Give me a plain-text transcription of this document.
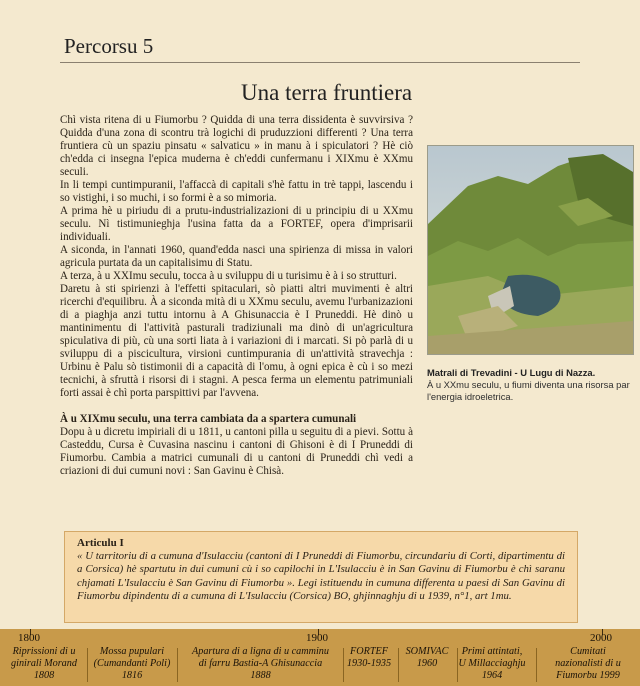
Percorsu 5
Una terra fruntiera

Chì vista ritena di u Fiumorbu ? Quidda di una terra dissidenta è suvvirsiva ? Quidda d'una zona di scontru trà logichi di pruduzzioni differenti ? Una terra fruntiera cù un spaziu pinsatu « salvaticu » in manu à i spiculatori ? Hè ciò ch'edda ci insegna l'epica muderna è ch'eddi cunfermanu i XIXmu è XXmu seculi.

In li tempi cuntimpuranii, l'affaccà di capitali s'hè fattu in trè tappi, lascendu i so vistighi, i so muchi, i so formi è a so mimoria.

A prima hè u piriudu di a prutu-industrializazioni di u principiu di u XXmu seculu. Nì tistimunieghja l'usina fatta da a FORTEF, opera d'imprisarii individuali.

A siconda, in l'annati 1960, quand'edda nasci una spirienza di missa in valori agricula purtata da un capitalisimu di Statu.

A terza, à u XXImu seculu, tocca à u sviluppu di u turisimu è à i so strutturi.

Daretu à sti spirienzi à l'effetti spitaculari, sò piatti altri muvimenti è altri ricerchi d'equilibru. À a siconda mità di u XXmu seculu, avemu l'urbanizazioni di a piaghja anzi tuttu intornu à A Ghisunaccia è I Pruneddi. Hè dinò u mantinimentu di l'attività pasturali tradiziunali ma dinò di un'agricultura spiculativa di più, cù una sorti liata à i variazioni di i marcati. Si pò parlà di u sviluppu di a piscicultura, virsioni cuntimpurania di un'attività stravechja : Urbinu è Palu sò tistimonii di a capacità di l'omu, à ogni epica è cù i so mezi tecnichi, à sfruttà i risorsi di i stagni. A pesca ferma un elementu patrimuniali forti assai è chì porta parspittivi par l'avvena.

À u XIXmu seculu, una terra cambiata da a spartera cumunali

Dopu à u dicretu impiriali di u 1811, u cantoni pilla u seguitu di a pievi. Sottu à Casteddu, Cursa è Cuvasina nascinu i cantoni di Ghisoni è di I Pruneddi di Fiumorbu. Cambia a matrici cumunali di u cantoni di Pruneddi chì vedi a criazioni di dui cumuni novi : San Gavinu è Chisà.

Matrali di Trevadini - U Lugu di Nazza.
À u XXmu seculu, u fiumi diventa una risorsa par l'energia idroeletrica.
Articulu I
« U tarritoriu di a cumuna d'Isulacciu (cantoni di I Pruneddi di Fiumorbu, circundariu di Corti, dipartimentu di a Corsica) hè spartutu in dui cumuni cù i so capilochi in L'Isulacciu è in San Gavinu di Fiumorbu è chì saranu chjamati L'Isulacciu è San Gavinu di Fiumorbu ». Legi istituendu in cumuna differenta u paesi di San Gavinu di Fiumorbu dipindentu di a cumuna di L'Isulacciu (Corsica) BO, ghjinnaghju di u 1939, n°1, art 1mu.
1800	1900	2000
Riprissioni di u
ginirali Morand
1808
Mossa pupulari
(Cumandanti Poli)
1816
Apartura di a ligna di u camminu
di farru Bastia-A Ghisunaccia
1888
FORTEF
1930-1935
SOMIVAC
1960
Primi attintati,
U Millacciaghju
1964
Cumitati
nazionalisti di u
Fiumorbu 1999
